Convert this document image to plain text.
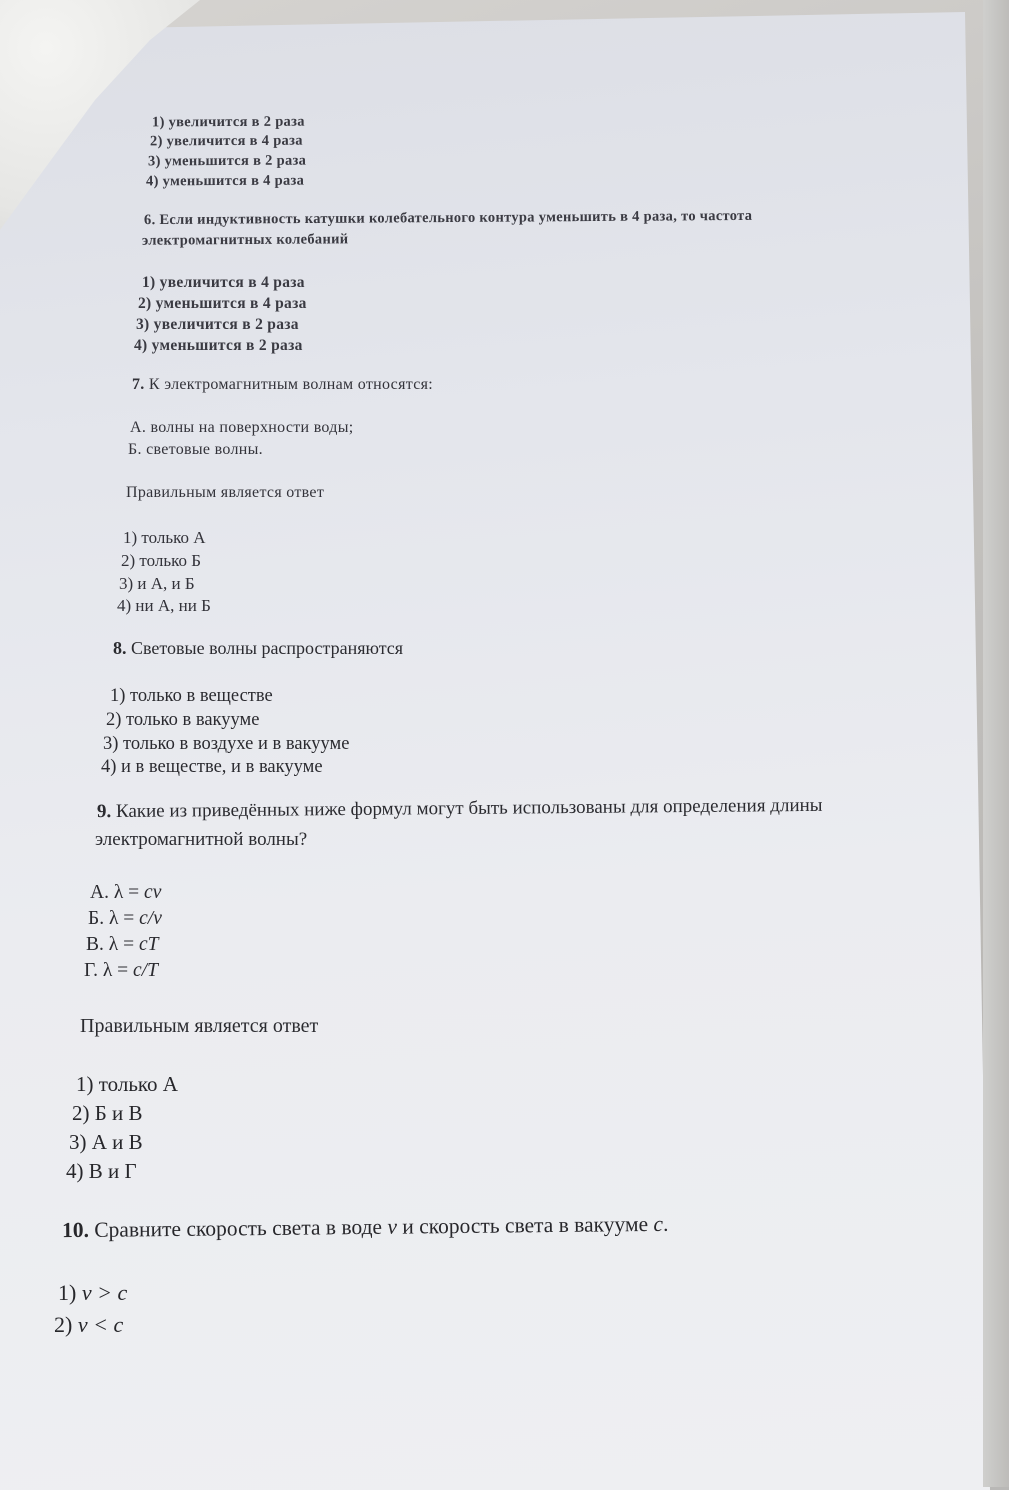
1) увеличится в 2 раза
2) увеличится в 4 раза
3) уменьшится в 2 раза
4) уменьшится в 4 раза
6. Если индуктивность катушки колебательного контура уменьшить в 4 раза, то частота
электромагнитных колебаний
1) увеличится в 4 раза
2) уменьшится в 4 раза
3) увеличится в 2 раза
4) уменьшится в 2 раза
7. К электромагнитным волнам относятся:
А. волны на поверхности воды;
Б. световые волны.
Правильным является ответ
1) только А
2) только Б
3) и А, и Б
4) ни А, ни Б
8. Световые волны распространяются
1) только в веществе
2) только в вакууме
3) только в воздухе и в вакууме
4) и в веществе, и в вакууме
9. Какие из приведённых ниже формул могут быть использованы для определения длины
электромагнитной волны?
А. λ = cν
Б. λ = c/ν
В. λ = cT
Г. λ = c/T
Правильным является ответ
1) только А
2) Б и В
3) А и В
4) В и Г
10. Сравните скорость света в воде ν и скорость света в вакууме c.
1) ν > c
2) ν < c
